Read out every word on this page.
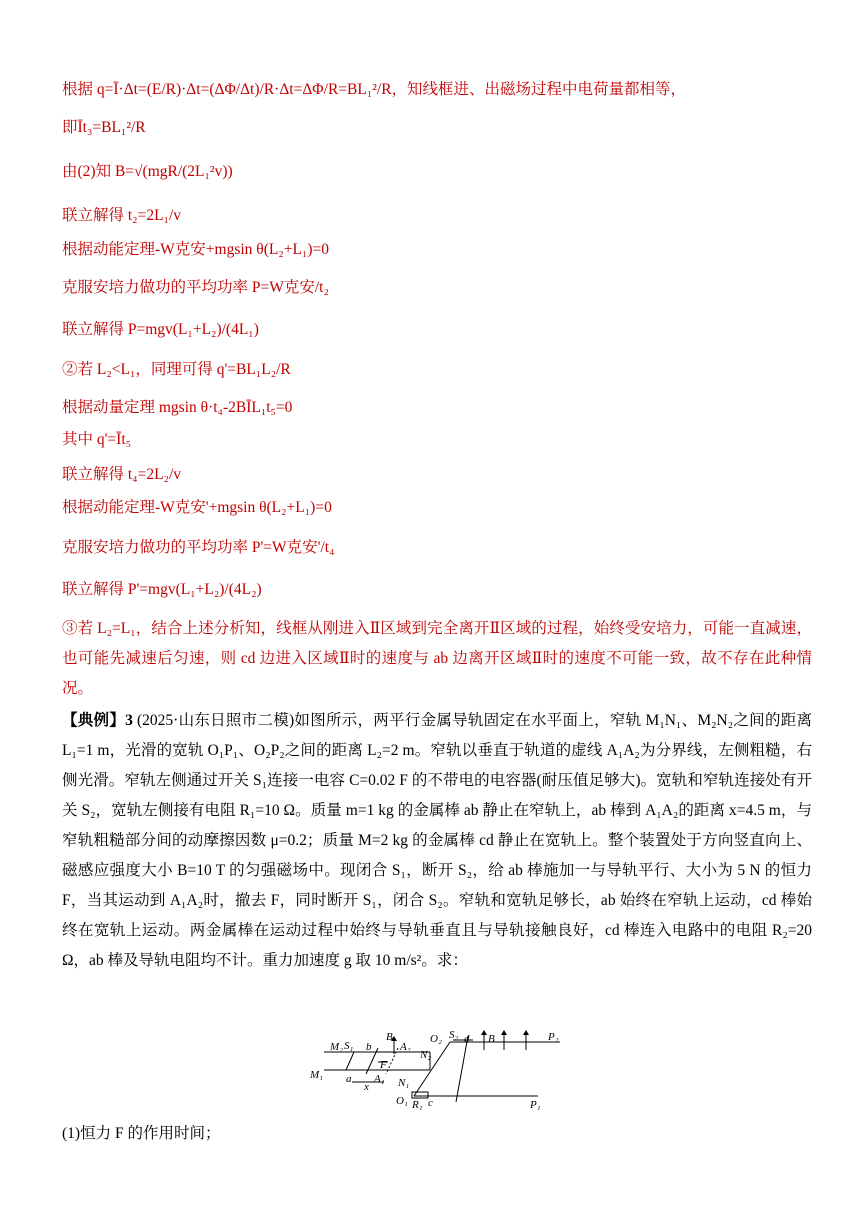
根据 q=Ī·Δt=(E/R)·Δt=(ΔΦ/Δt)/R·Δt=ΔΦ/R=BL₁²/R，知线框进、出磁场过程中电荷量都相等，
即Īt₃=BL₁²/R
由(2)知 B=√(mgR/(2L₁²v))
联立解得 t₂=2L₁/v
根据动能定理-W克安+mgsin θ(L₂+L₁)=0
克服安培力做功的平均功率 P=W克安/t₂
联立解得 P=mgv(L₁+L₂)/(4L₁)
②若 L₂<L₁，同理可得 q'=BL₁L₂/R
根据动量定理 mgsin θ·t₄-2BĪL₁t₅=0
其中 q'=Īt₅
联立解得 t₄=2L₂/v
根据动能定理-W克安'+mgsin θ(L₂+L₁)=0
克服安培力做功的平均功率 P'=W克安'/t₄
联立解得 P'=mgv(L₁+L₂)/(4L₂)
③若 L₂=L₁，结合上述分析知，线框从刚进入Ⅱ区域到完全离开Ⅱ区域的过程，始终受安培力，可能一直减速，也可能先减速后匀速，则 cd 边进入区域Ⅱ时的速度与 ab 边离开区域Ⅱ时的速度不可能一致，故不存在此种情况。
【典例】3 (2025·山东日照市二模)如图所示，两平行金属导轨固定在水平面上，窄轨 M₁N₁、M₂N₂之间的距离 L₁=1 m，光滑的宽轨 O₁P₁、O₂P₂之间的距离 L₂=2 m。窄轨以垂直于轨道的虚线 A₁A₂为分界线，左侧粗糙，右侧光滑。窄轨左侧通过开关 S₁连接一电容 C=0.02 F 的不带电的电容器(耐压值足够大)。宽轨和窄轨连接处有开关 S₂，宽轨左侧接有电阻 R₁=10 Ω。质量 m=1 kg 的金属棒 ab 静止在窄轨上，ab 棒到 A₁A₂的距离 x=4.5 m，与窄轨粗糙部分间的动摩擦因数 μ=0.2；质量 M=2 kg 的金属棒 cd 静止在宽轨上。整个装置处于方向竖直向上、磁感应强度大小 B=10 T 的匀强磁场中。现闭合 S₁，断开 S₂，给 ab 棒施加一与导轨平行、大小为 5 N 的恒力 F，当其运动到 A₁A₂时，撤去 F，同时断开 S₁，闭合 S₂。窄轨和宽轨足够长，ab 始终在窄轨上运动，cd 棒始终在宽轨上运动。两金属棒在运动过程中始终与导轨垂直且与导轨接触良好，cd 棒连入电路中的电阻 R₂=20 Ω，ab 棒及导轨电阻均不计。重力加速度 g 取 10 m/s²。求：
M₂ S₁ b
B
A₂
N₂
O₂ S₂ d B	P₂
M₁ a
F
x
A₁ N₁
O₁ R₁ c	P₁
(1)恒力 F 的作用时间；
